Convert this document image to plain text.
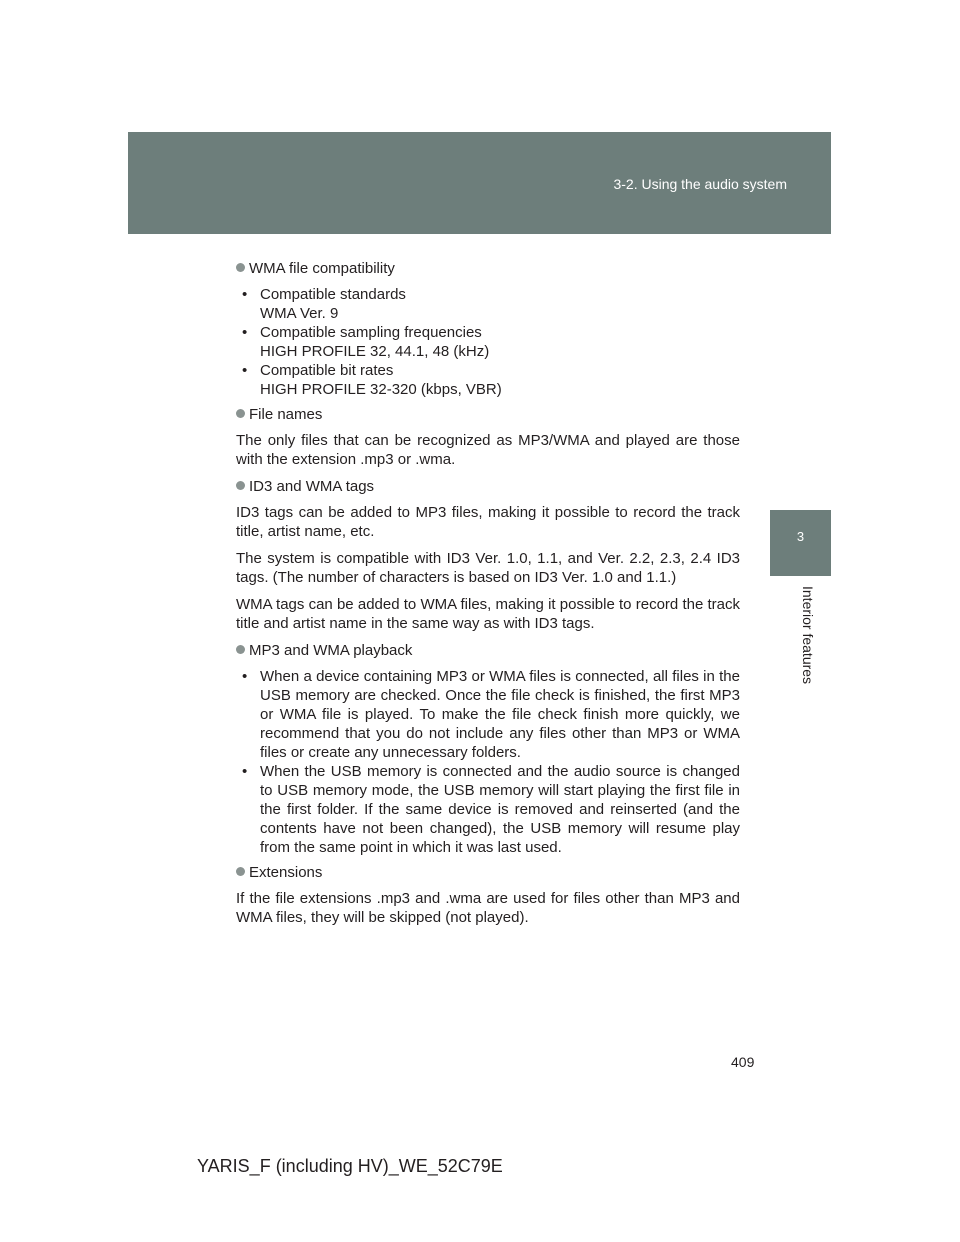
3-2. Using the audio system
3
Interior features
WMA file compatibility
• Compatible standards
WMA Ver. 9
• Compatible sampling frequencies
HIGH PROFILE 32, 44.1, 48 (kHz)
• Compatible bit rates
HIGH PROFILE 32-320 (kbps, VBR)
File names

The only files that can be recognized as MP3/WMA and played are those with the extension .mp3 or .wma.

ID3 and WMA tags

ID3 tags can be added to MP3 files, making it possible to record the track title, artist name, etc.

The system is compatible with ID3 Ver. 1.0, 1.1, and Ver. 2.2, 2.3, 2.4 ID3 tags. (The number of characters is based on ID3 Ver. 1.0 and 1.1.)

WMA tags can be added to WMA files, making it possible to record the track title and artist name in the same way as with ID3 tags.

MP3 and WMA playback
• When a device containing MP3 or WMA files is connected, all files in the USB memory are checked. Once the file check is finished, the first MP3 or WMA file is played. To make the file check finish more quickly, we recommend that you do not include any files other than MP3 or WMA files or create any unnecessary folders.
• When the USB memory is connected and the audio source is changed to USB memory mode, the USB memory will start playing the first file in the first folder. If the same device is removed and reinserted (and the contents have not been changed), the USB memory will resume play from the same point in which it was last used.
Extensions

If the file extensions .mp3 and .wma are used for files other than MP3 and WMA files, they will be skipped (not played).

409
YARIS_F (including HV)_WE_52C79E
